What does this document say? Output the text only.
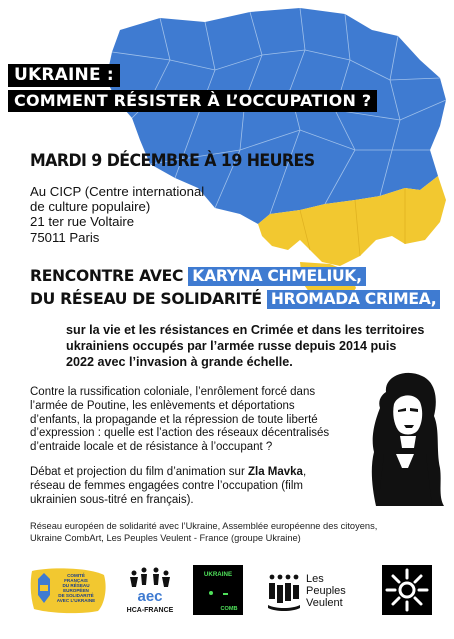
UKRAINE :
COMMENT RÉSISTER À L’OCCUPATION ?
MARDI 9 DÉCEMBRE À 19 HEURES
Au CICP (Centre international
de culture populaire)
21 ter rue Voltaire
75011 Paris
RENCONTRE AVEC KARYNA CHMELIUK,
DU RÉSEAU DE SOLIDARITÉ HROMADA CRIMEA,
sur la vie et les résistances en Crimée et dans les territoires
ukrainiens occupés par l’armée russe depuis 2014 puis
2022 avec l’invasion à grande échelle.
Contre la russification coloniale, l’enrôlement forcé dans
l’armée de Poutine, les enlèvements et déportations
d’enfants, la propagande et la répression de toute liberté
d’expression : quelle est l’action des réseaux décentralisés
d’entraide locale et de résistance à l’occupant ?
Débat et projection du film d’animation sur Zla Mavka,
réseau de femmes engagées contre l’occupation (film
ukrainien sous-titré en français).
Réseau européen de solidarité avec l’Ukraine, Assemblée européenne des citoyens,
Ukraine CombArt, Les Peuples Veulent - France (groupe Ukraine)
COMITÉ
FRANÇAIS
DU RÉSEAU
EUROPÉEN
DE SOLIDARITÉ
AVEC L’UKRAINE	aec
HCA-FRANCE
UKRAINE
COMB
Les
Peuples
Veulent
